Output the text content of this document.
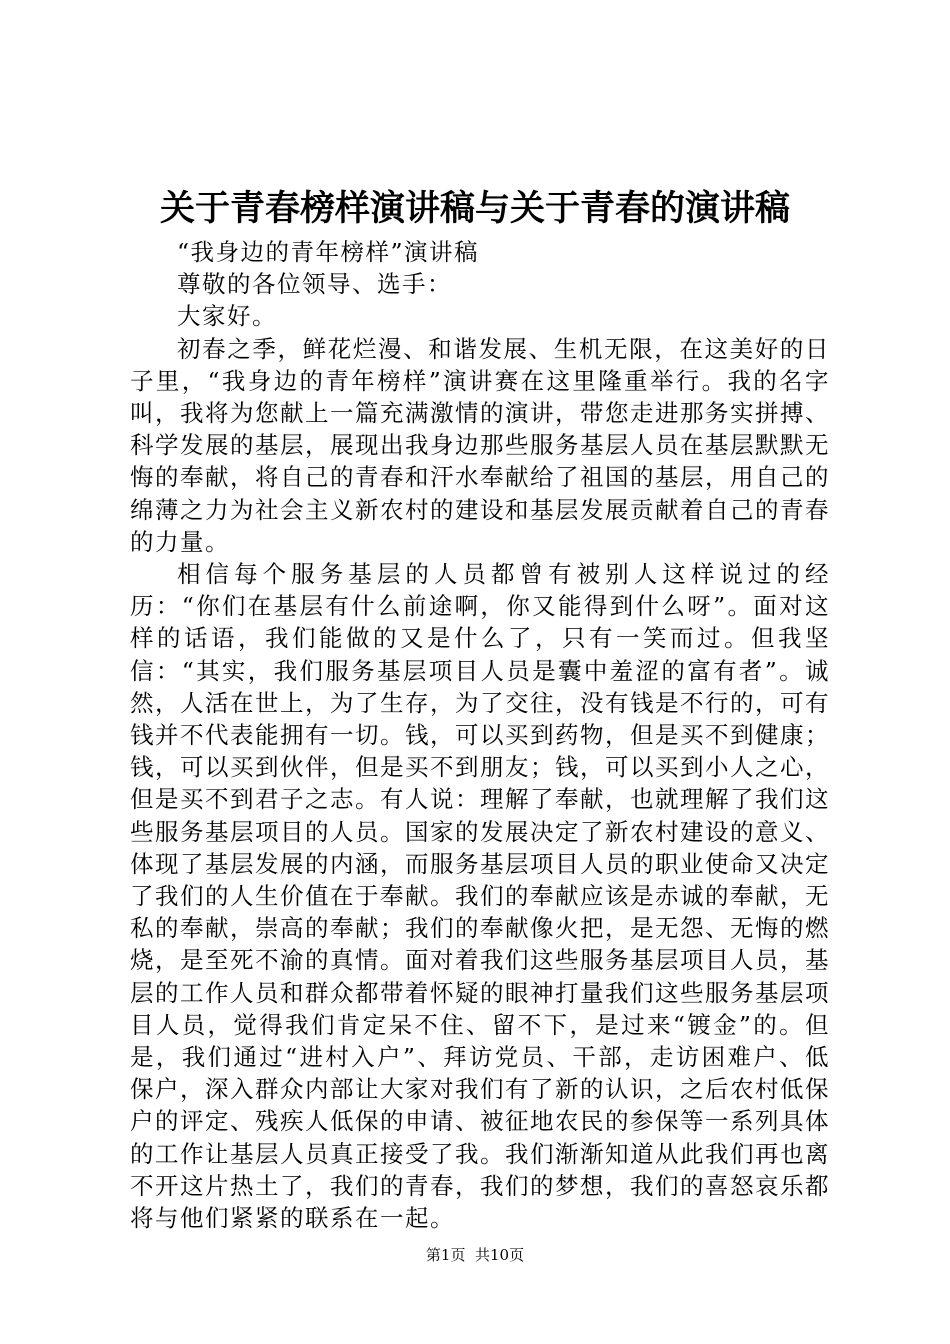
关于青春榜样演讲稿与关于青春的演讲稿

“我身边的青年榜样”演讲稿

尊敬的各位领导、选手：

大家好。

初春之季，鲜花烂漫、和谐发展、生机无限，在这美好的日子里，“我身边的青年榜样”演讲赛在这里隆重举行。我的名字叫，我将为您献上一篇充满激情的演讲，带您走进那务实拼搏、科学发展的基层，展现出我身边那些服务基层人员在基层默默无悔的奉献，将自己的青春和汗水奉献给了祖国的基层，用自己的绵薄之力为社会主义新农村的建设和基层发展贡献着自己的青春的力量。

相信每个服务基层的人员都曾有被别人这样说过的经历：“你们在基层有什么前途啊，你又能得到什么呀”。面对这样的话语，我们能做的又是什么了，只有一笑而过。但我坚信：“其实，我们服务基层项目人员是囊中羞涩的富有者”。诚然，人活在世上，为了生存，为了交往，没有钱是不行的，可有钱并不代表能拥有一切。钱，可以买到药物，但是买不到健康；钱，可以买到伙伴，但是买不到朋友；钱，可以买到小人之心，但是买不到君子之志。有人说：理解了奉献，也就理解了我们这些服务基层项目的人员。国家的发展决定了新农村建设的意义、体现了基层发展的内涵，而服务基层项目人员的职业使命又决定了我们的人生价值在于奉献。我们的奉献应该是赤诚的奉献，无私的奉献，崇高的奉献；我们的奉献像火把，是无怨、无悔的燃烧，是至死不渝的真情。面对着我们这些服务基层项目人员，基层的工作人员和群众都带着怀疑的眼神打量我们这些服务基层项目人员，觉得我们肯定呆不住、留不下，是过来“镀金”的。但是，我们通过“进村入户”、拜访党员、干部，走访困难户、低保户，深入群众内部让大家对我们有了新的认识，之后农村低保户的评定、残疾人低保的申请、被征地农民的参保等一系列具体的工作让基层人员真正接受了我。我们渐渐知道从此我们再也离不开这片热土了，我们的青春，我们的梦想，我们的喜怒哀乐都将与他们紧紧的联系在一起。

第1页 共10页
